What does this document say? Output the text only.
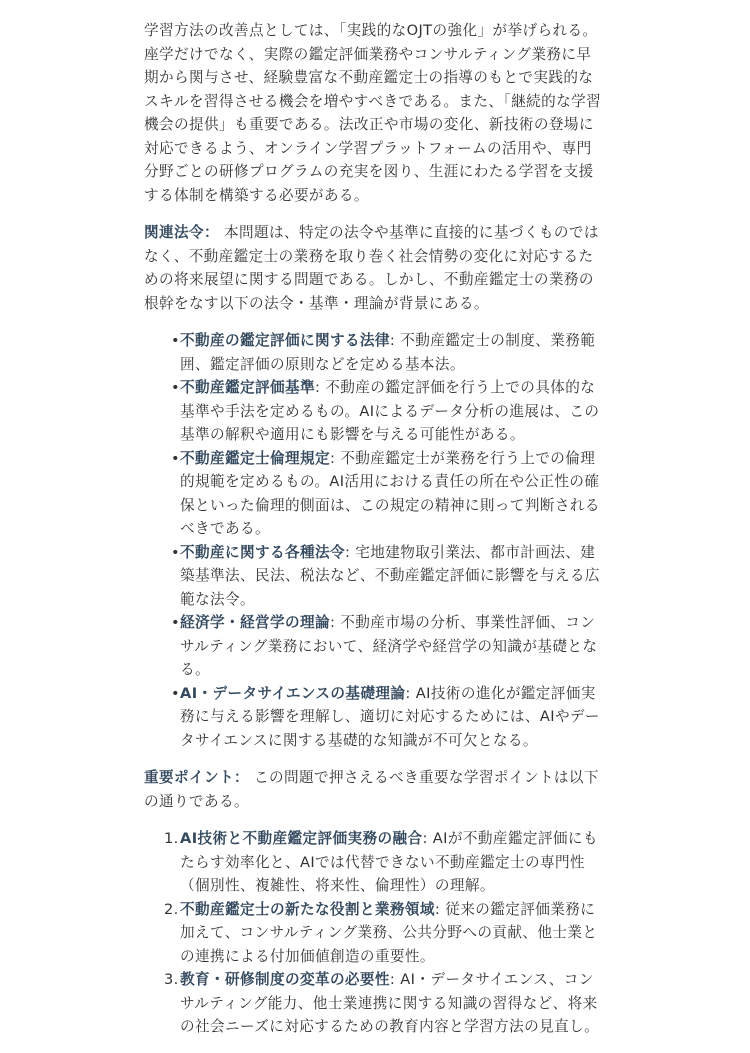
学習方法の改善点としては、「実践的なOJTの強化」が挙げられる。座学だけでなく、実際の鑑定評価業務やコンサルティング業務に早期から関与させ、経験豊富な不動産鑑定士の指導のもとで実践的なスキルを習得させる機会を増やすべきである。また、「継続的な学習機会の提供」も重要である。法改正や市場の変化、新技術の登場に対応できるよう、オンライン学習プラットフォームの活用や、専門分野ごとの研修プログラムの充実を図り、生涯にわたる学習を支援する体制を構築する必要がある。

関連法令： 本問題は、特定の法令や基準に直接的に基づくものではなく、不動産鑑定士の業務を取り巻く社会情勢の変化に対応するための将来展望に関する問題である。しかし、不動産鑑定士の業務の根幹をなす以下の法令・基準・理論が背景にある。

• 不動産の鑑定評価に関する法律: 不動産鑑定士の制度、業務範囲、鑑定評価の原則などを定める基本法。
• 不動産鑑定評価基準: 不動産の鑑定評価を行う上での具体的な基準や手法を定めるもの。AIによるデータ分析の進展は、この基準の解釈や適用にも影響を与える可能性がある。
• 不動産鑑定士倫理規定: 不動産鑑定士が業務を行う上での倫理的規範を定めるもの。AI活用における責任の所在や公正性の確保といった倫理的側面は、この規定の精神に則って判断されるべきである。
• 不動産に関する各種法令: 宅地建物取引業法、都市計画法、建築基準法、民法、税法など、不動産鑑定評価に影響を与える広範な法令。
• 経済学・経営学の理論: 不動産市場の分析、事業性評価、コンサルティング業務において、経済学や経営学の知識が基礎となる。
• AI・データサイエンスの基礎理論: AI技術の進化が鑑定評価実務に与える影響を理解し、適切に対応するためには、AIやデータサイエンスに関する基礎的な知識が不可欠となる。

重要ポイント： この問題で押さえるべき重要な学習ポイントは以下の通りである。

1. AI技術と不動産鑑定評価実務の融合: AIが不動産鑑定評価にもたらす効率化と、AIでは代替できない不動産鑑定士の専門性（個別性、複雑性、将来性、倫理性）の理解。
2. 不動産鑑定士の新たな役割と業務領域: 従来の鑑定評価業務に加えて、コンサルティング業務、公共分野への貢献、他士業との連携による付加価値創造の重要性。
3. 教育・研修制度の変革の必要性: AI・データサイエンス、コンサルティング能力、他士業連携に関する知識の習得など、将来の社会ニーズに対応するための教育内容と学習方法の見直し。
